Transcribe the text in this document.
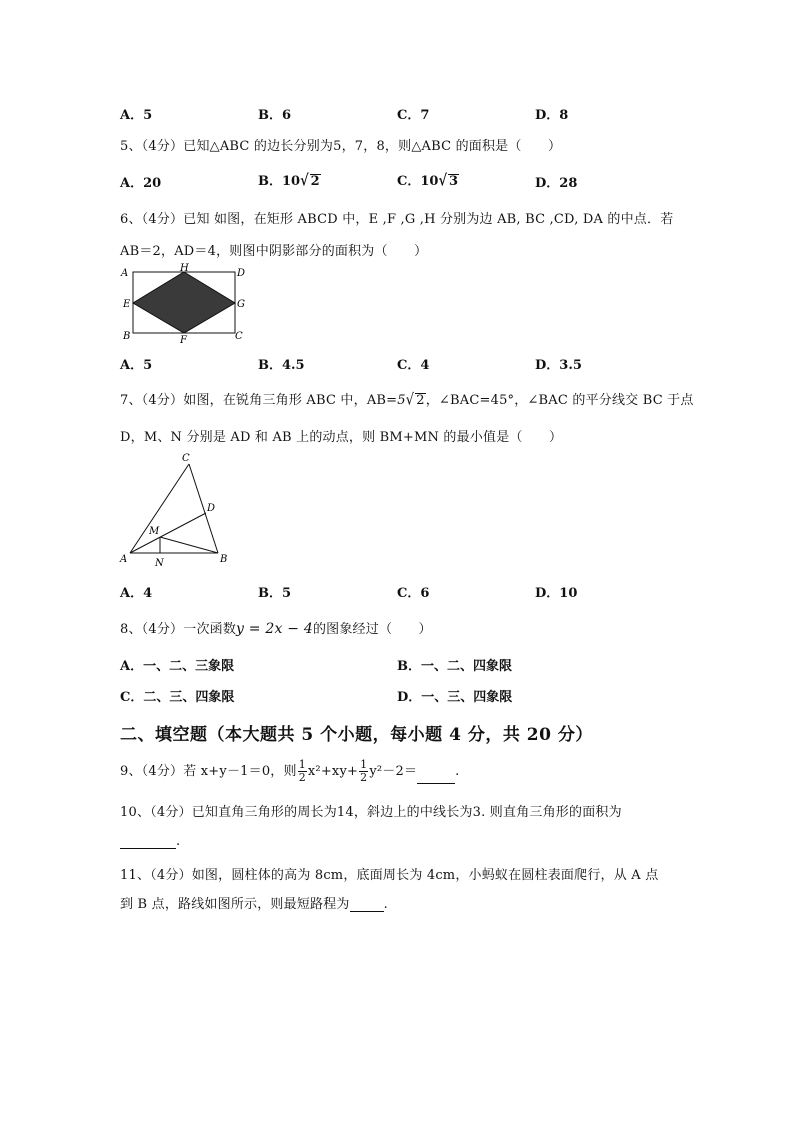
A．5	B．6	C．7	D．8
5、（4分）已知△ABC 的边长分别为5，7，8，则△ABC 的面积是（　　）
A．20	B．10√ 2	C．10√ 3	D．28
6、（4分）已知 如图，在矩形 ABCD 中，E ,F ,G ,H 分别为边 AB, BC ,CD, DA 的中点．若
AB＝2，AD＝4，则图中阴影部分的面积为（　　）
A	H	D
E	G
B	F	C
A．5	B．4.5	C．4	D．3.5
7、（4分）如图，在锐角三角形 ABC 中，AB=5√ 2，∠BAC=45°，∠BAC 的平分线交 BC 于点
D，M、N 分别是 AD 和 AB 上的动点，则 BM+MN 的最小值是（　　）
C
D
M
A	N	B
A．4	B．5	C．6	D．10
8、（4分）一次函数y = 2x − 4的图象经过（　　）
A．一、二、三象限	B．一、二、四象限
C．二、三、四象限	D．一、三、四象限
二、填空题（本大题共 5 个小题，每小题 4 分，共 20 分）
9、（4分）若 x+y－1＝0，则 $\frac{1}{2} x^2+xy+ \frac{1}{2} y^2-2=$	.
10、（4分）已知直角三角形的周长为14，斜边上的中线长为3. 则直角三角形的面积为
.
11、（4分）如图，圆柱体的高为 8cm，底面周长为 4cm，小蚂蚁在圆柱表面爬行，从 A 点
到 B 点，路线如图所示，则最短路程为	.
